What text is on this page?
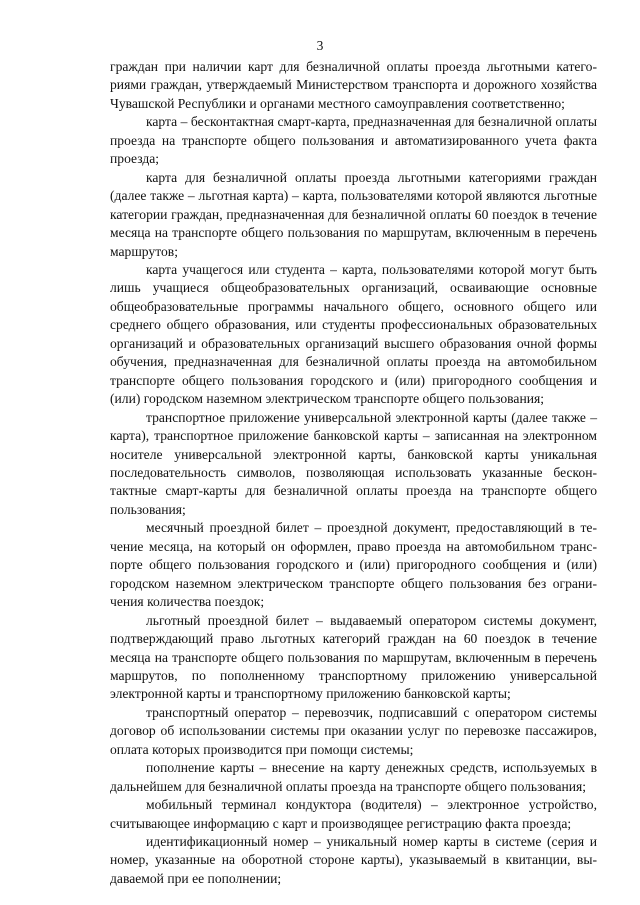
3

граждан при наличии карт для безналичной оплаты проезда льготными категориями граждан, утверждаемый Министерством транспорта и дорожного хозяйства Чувашской Республики и органами местного самоуправления соответственно;

карта – бесконтактная смарт-карта, предназначенная для безналичной оплаты проезда на транспорте общего пользования и автоматизированного учета факта проезда;

карта для безналичной оплаты проезда льготными категориями граждан (далее также – льготная карта) – карта, пользователями которой являются льготные категории граждан, предназначенная для безналичной оплаты 60 поездок в течение месяца на транспорте общего пользования по маршрутам, включенным в перечень маршрутов;

карта учащегося или студента – карта, пользователями которой могут быть лишь учащиеся общеобразовательных организаций, осваивающие основные общеобразовательные программы начального общего, основного общего или среднего общего образования, или студенты профессиональных образовательных организаций и образовательных организаций высшего образования очной формы обучения, предназначенная для безналичной оплаты проезда на автомобильном транспорте общего пользования городского и (или) пригородного сообщения и (или) городском наземном электрическом транспорте общего пользования;

транспортное приложение универсальной электронной карты (далее также – карта), транспортное приложение банковской карты – записанная на электронном носителе универсальной электронной карты, банковской карты уникальная последовательность символов, позволяющая использовать указанные бесконтактные смарт-карты для безналичной оплаты проезда на транспорте общего пользования;

месячный проездной билет – проездной документ, предоставляющий в течение месяца, на который он оформлен, право проезда на автомобильном транспорте общего пользования городского и (или) пригородного сообщения и (или) городском наземном электрическом транспорте общего пользования без ограничения количества поездок;

льготный проездной билет – выдаваемый оператором системы документ, подтверждающий право льготных категорий граждан на 60 поездок в течение месяца на транспорте общего пользования по маршрутам, включенным в перечень маршрутов, по пополненному транспортному приложению универсальной электронной карты и транспортному приложению банковской карты;

транспортный оператор – перевозчик, подписавший с оператором системы договор об использовании системы при оказании услуг по перевозке пассажиров, оплата которых производится при помощи системы;

пополнение карты – внесение на карту денежных средств, используемых в дальнейшем для безналичной оплаты проезда на транспорте общего пользования;

мобильный терминал кондуктора (водителя) – электронное устройство, считывающее информацию с карт и производящее регистрацию факта проезда;

идентификационный номер – уникальный номер карты в системе (серия и номер, указанные на оборотной стороне карты), указываемый в квитанции, выдаваемой при ее пополнении;
